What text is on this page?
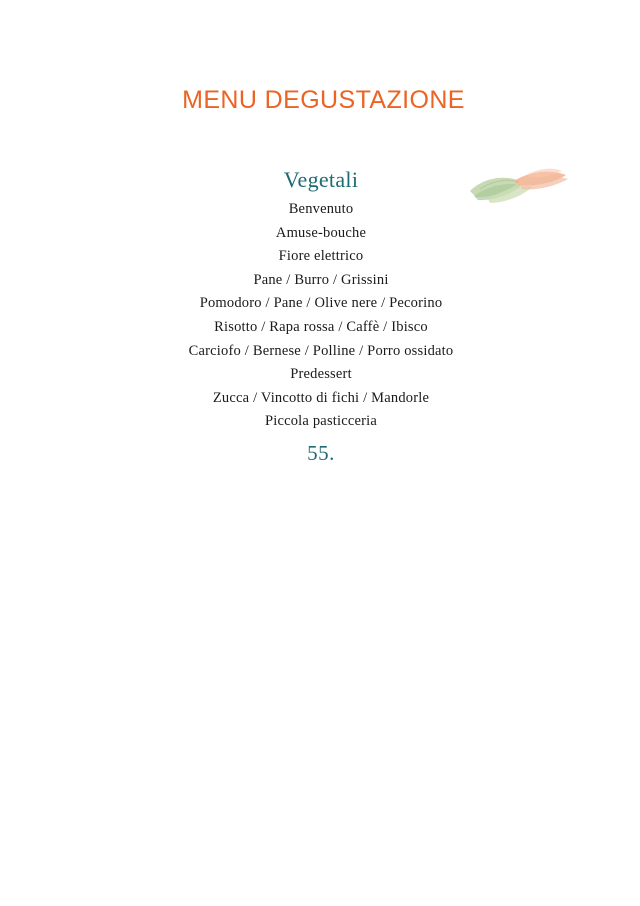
MENU DEGUSTAZIONE
Vegetali
Benvenuto
Amuse-bouche
Fiore elettrico
Pane / Burro / Grissini
Pomodoro / Pane / Olive nere / Pecorino
Risotto / Rapa rossa / Caffè / Ibisco
Carciofo / Bernese / Polline / Porro ossidato
Predessert
Zucca / Vincotto di fichi / Mandorle
Piccola pasticceria
55.
